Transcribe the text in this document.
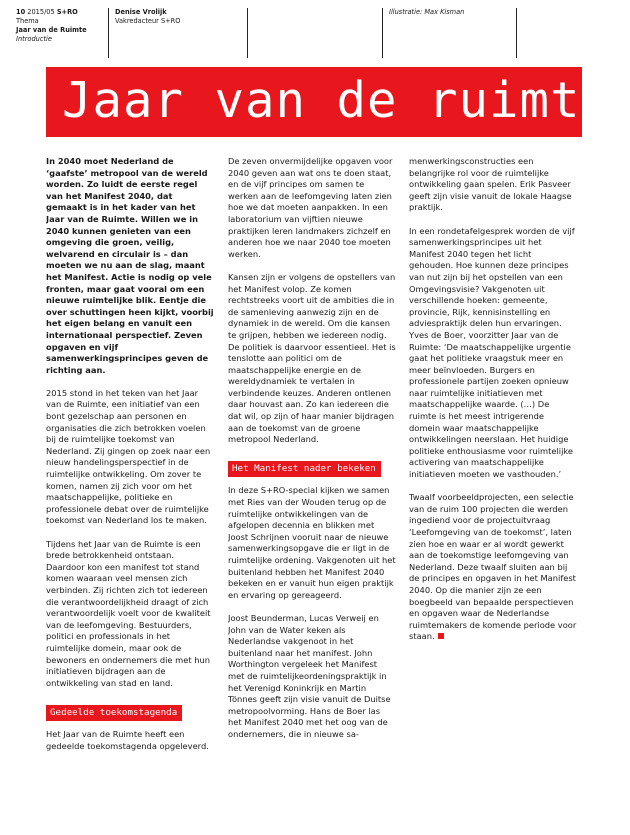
10 2015/05 S+RO
Thema
Jaar van de Ruimte
Introductie
Denise Vrolijk
Vakredacteur S+RO
Illustratie: Max Kisman
Jaar van de ruimte

In 2040 moet Nederland de ‘gaafste’ metropool van de wereld worden. Zo luidt de eerste regel van het Manifest 2040, dat gemaakt is in het kader van het Jaar van de Ruimte. Willen we in 2040 kunnen genieten van een omgeving die groen, veilig, welvarend en circulair is – dan moeten we nu aan de slag, maant het Manifest. Actie is nodig op vele fronten, maar gaat vooral om een nieuwe ruimtelijke blik. Eentje die over schuttingen heen kijkt, voorbij het eigen belang en vanuit een internationaal perspectief. Zeven opgaven en vijf samenwerkingsprincipes geven de richting aan.

2015 stond in het teken van het Jaar van de Ruimte, een initiatief van een bont gezelschap aan personen en organisaties die zich betrokken voelen bij de ruimtelijke toekomst van Nederland. Zij gingen op zoek naar een nieuw handelingsperspectief in de ruimtelijke ontwikkeling. Om zover te komen, namen zij zich voor om het maatschappelijke, politieke en professionele debat over de ruimtelijke toekomst van Nederland los te maken.

Tijdens het Jaar van de Ruimte is een brede betrokkenheid ontstaan. Daardoor kon een manifest tot stand komen waaraan veel mensen zich verbinden. Zij richten zich tot iedereen die verantwoordelijkheid draagt of zich verantwoordelijk voelt voor de kwaliteit van de leefomgeving. Bestuurders, politici en professionals in het ruimtelijke domein, maar ook de bewoners en ondernemers die met hun initiatieven bijdragen aan de ontwikkeling van stad en land.

Gedeelde toekomstagenda

Het Jaar van de Ruimte heeft een gedeelde toekomstagenda opgeleverd.

De zeven onvermijdelijke opgaven voor 2040 geven aan wat ons te doen staat, en de vijf principes om samen te werken aan de leefomgeving laten zien hoe we dat moeten aanpakken. In een laboratorium van vijftien nieuwe praktijken leren landmakers zichzelf en anderen hoe we naar 2040 toe moeten werken.

Kansen zijn er volgens de opstellers van het Manifest volop. Ze komen rechtstreeks voort uit de ambities die in de samenleving aanwezig zijn en de dynamiek in de wereld. Om die kansen te grijpen, hebben we iedereen nodig. De politiek is daarvoor essentieel. Het is tenslotte aan politici om de maatschappelijke energie en de wereldydnamiek te vertalen in verbindende keuzes. Anderen ontlenen daar houvast aan. Zo kan iedereen die dat wil, op zijn of haar manier bijdragen aan de toekomst van de groene metropool Nederland.

Het Manifest nader bekeken

In deze S+RO-special kijken we samen met Ries van der Wouden terug op de ruimtelijke ontwikkelingen van de afgelopen decennia en blikken met Joost Schrijnen vooruit naar de nieuwe samenwerkingsopgave die er ligt in de ruimtelijke ordening. Vakgenoten uit het buitenland hebben het Manifest 2040 bekeken en er vanuit hun eigen praktijk en ervaring op gereageerd.

Joost Beunderman, Lucas Verweij en John van de Water keken als Nederlandse vakgenoot in het buitenland naar het manifest. John Worthington vergeleek het Manifest met de ruimtelijkeordeningspraktijk in het Verenigd Koninkrijk en Martin Tönnes geeft zijn visie vanuit de Duitse metropoolvorming. Hans de Boer las het Manifest 2040 met het oog van de ondernemers, die in nieuwe sa-

menwerkingsconstructies een belangrijke rol voor de ruimtelijke ontwikkeling gaan spelen. Erik Pasveer geeft zijn visie vanuit de lokale Haagse praktijk.

In een rondetafelgesprek worden de vijf samenwerkingsprincipes uit het Manifest 2040 tegen het licht gehouden. Hoe kunnen deze principes van nut zijn bij het opstellen van een Omgevingsvisie? Vakgenoten uit verschillende hoeken: gemeente, provincie, Rijk, kennisinstelling en adviespraktijk delen hun ervaringen. Yves de Boer, voorzitter Jaar van de Ruimte: ‘De maatschappelijke urgentie gaat het politieke vraagstuk meer en meer beïnvloeden. Burgers en professionele partijen zoeken opnieuw naar ruimtelijke initiatieven met maatschappelijke waarde. (…) De ruimte is het meest intrigerende domein waar maatschappelijke ontwikkelingen neerslaan. Het huidige politieke enthousiasme voor ruimtelijke activering van maatschappelijke initiatieven moeten we vasthouden.’

Twaalf voorbeeldprojecten, een selectie van de ruim 100 projecten die werden ingediend voor de projectuitvraag ‘Leefomgeving van de toekomst’, laten zien hoe en waar er al wordt gewerkt aan de toekomstige leefomgeving van Nederland. Deze twaalf sluiten aan bij de principes en opgaven in het Manifest 2040. Op die manier zijn ze een boegbeeld van bepaalde perspectieven en opgaven waar de Nederlandse ruimtemakers de komende periode voor staan.
